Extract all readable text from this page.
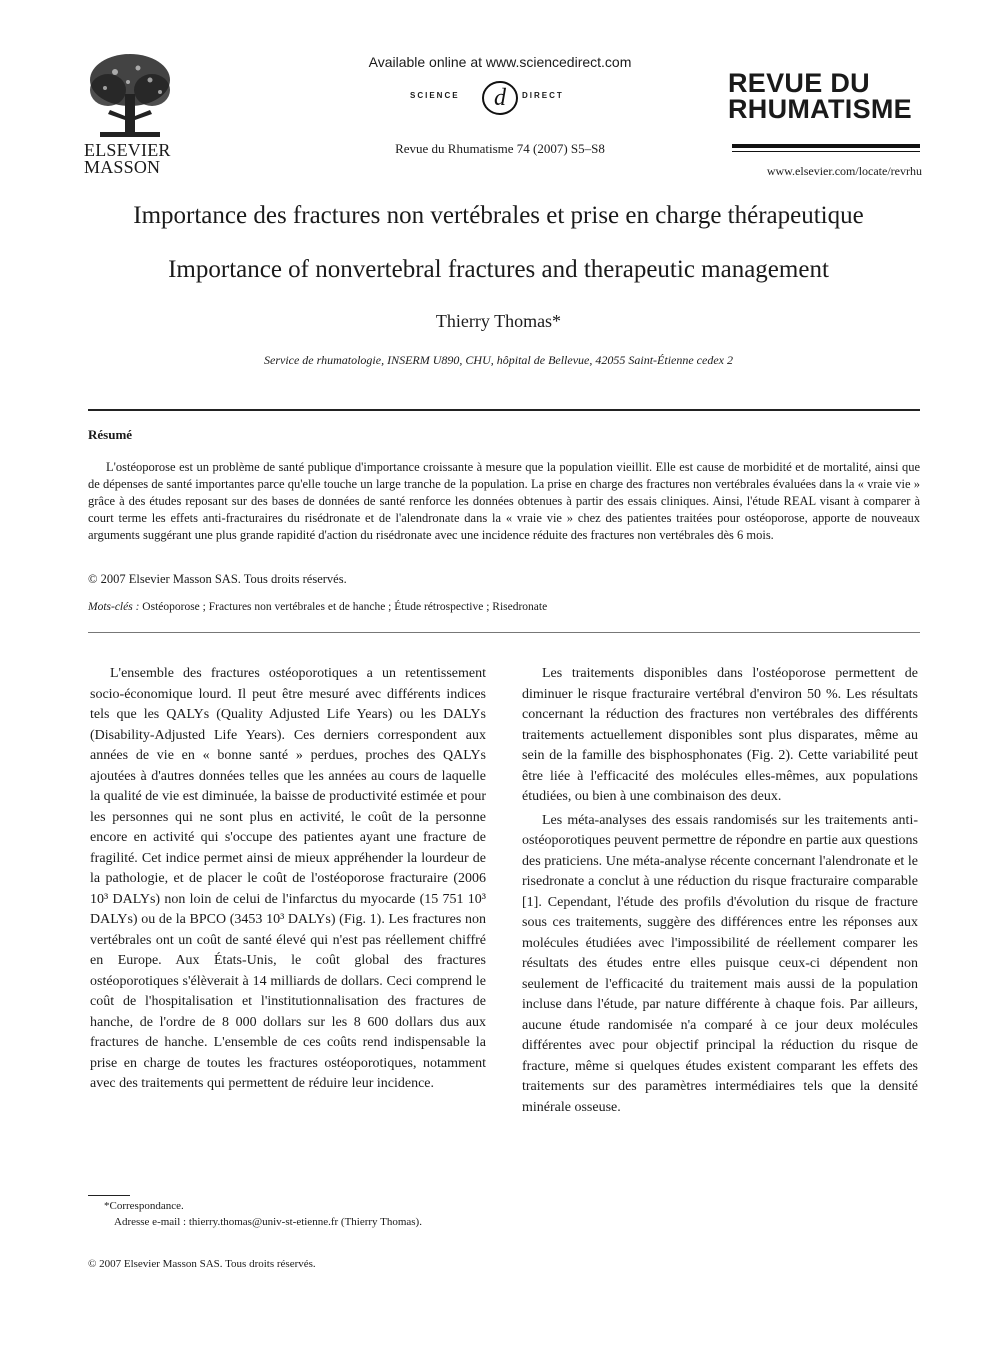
ELSEVIER
MASSON
Available online at www.sciencedirect.com
SCIENCE d DIRECT
Revue du Rhumatisme 74 (2007) S5–S8
REVUE DU
RHUMATISME
www.elsevier.com/locate/revrhu
Importance des fractures non vertébrales et prise en charge thérapeutique
Importance of nonvertebral fractures and therapeutic management
Thierry Thomas*
Service de rhumatologie, INSERM U890, CHU, hôpital de Bellevue, 42055 Saint-Étienne cedex 2
Résumé

L'ostéoporose est un problème de santé publique d'importance croissante à mesure que la population vieillit. Elle est cause de morbidité et de mortalité, ainsi que de dépenses de santé importantes parce qu'elle touche un large tranche de la population. La prise en charge des fractures non vertébrales évaluées dans la « vraie vie » grâce à des études reposant sur des bases de données de santé renforce les données obtenues à partir des essais cliniques. Ainsi, l'étude REAL visant à comparer à court terme les effets anti-fracturaires du risédronate et de l'alendronate dans la « vraie vie » chez des patientes traitées pour ostéoporose, apporte de nouveaux arguments suggérant une plus grande rapidité d'action du risédronate avec une incidence réduite des fractures non vertébrales dès 6 mois.

© 2007 Elsevier Masson SAS. Tous droits réservés.
Mots-clés : Ostéoporose ; Fractures non vertébrales et de hanche ; Étude rétrospective ; Risedronate

L'ensemble des fractures ostéoporotiques a un retentissement socio-économique lourd. Il peut être mesuré avec différents indices tels que les QALYs (Quality Adjusted Life Years) ou les DALYs (Disability-Adjusted Life Years). Ces derniers correspondent aux années de vie en « bonne santé » perdues, proches des QALYs ajoutées à d'autres données telles que les années au cours de laquelle la qualité de vie est diminuée, la baisse de productivité estimée et pour les personnes qui ne sont plus en activité, le coût de la personne encore en activité qui s'occupe des patientes ayant une fracture de fragilité. Cet indice permet ainsi de mieux appréhender la lourdeur de la pathologie, et de placer le coût de l'ostéoporose fracturaire (2006 10³ DALYs) non loin de celui de l'infarctus du myocarde (15 751 10³ DALYs) ou de la BPCO (3453 10³ DALYs) (Fig. 1). Les fractures non vertébrales ont un coût de santé élevé qui n'est pas réellement chiffré en Europe. Aux États-Unis, le coût global des fractures ostéoporotiques s'élèverait à 14 milliards de dollars. Ceci comprend le coût de l'hospitalisation et l'institutionnalisation des fractures de hanche, de l'ordre de 8 000 dollars sur les 8 600 dollars dus aux fractures de hanche. L'ensemble de ces coûts rend indispensable la prise en charge de toutes les fractures ostéoporotiques, notamment avec des traitements qui permettent de réduire leur incidence.

Les traitements disponibles dans l'ostéoporose permettent de diminuer le risque fracturaire vertébral d'environ 50 %. Les résultats concernant la réduction des fractures non vertébrales des différents traitements actuellement disponibles sont plus disparates, même au sein de la famille des bisphosphonates (Fig. 2). Cette variabilité peut être liée à l'efficacité des molécules elles-mêmes, aux populations étudiées, ou bien à une combinaison des deux.

Les méta-analyses des essais randomisés sur les traitements anti-ostéoporotiques peuvent permettre de répondre en partie aux questions des praticiens. Une méta-analyse récente concernant l'alendronate et le risedronate a conclut à une réduction du risque fracturaire comparable [1]. Cependant, l'étude des profils d'évolution du risque de fracture sous ces traitements, suggère des différences entre les réponses aux molécules étudiées avec l'impossibilité de réellement comparer les résultats des études entre elles puisque ceux-ci dépendent non seulement de l'efficacité du traitement mais aussi de la population incluse dans l'étude, par nature différente à chaque fois. Par ailleurs, aucune étude randomisée n'a comparé à ce jour deux molécules différentes avec pour objectif principal la réduction du risque de fracture, même si quelques études existent comparant les effets des traitements sur des paramètres intermédiaires tels que la densité minérale osseuse.

*Correspondance.
Adresse e-mail : thierry.thomas@univ-st-etienne.fr (Thierry Thomas).
© 2007 Elsevier Masson SAS. Tous droits réservés.
